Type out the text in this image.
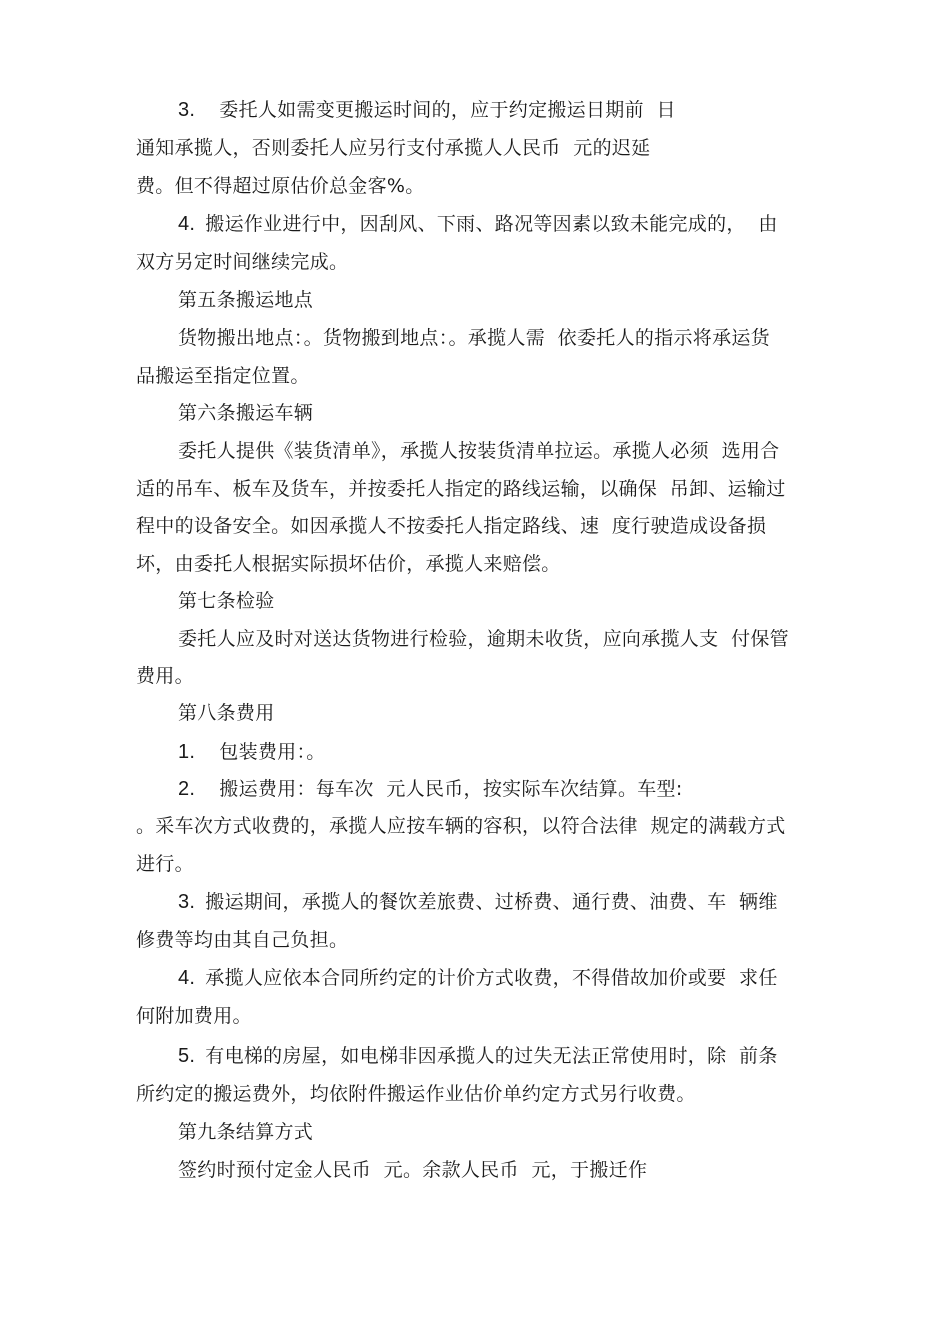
3. 委托人如需变更搬运时间的，应于约定搬运日期前  日
通知承揽人，否则委托人应另行支付承揽人人民币  元的迟延
费。但不得超过原估价总金客%。
4. 搬运作业进行中，因刮风、下雨、路况等因素以致未能完成的，  由
双方另定时间继续完成。
第五条搬运地点
货物搬出地点：。货物搬到地点：。承揽人需  依委托人的指示将承运货
品搬运至指定位置。
第六条搬运车辆
委托人提供《装货清单》，承揽人按装货清单拉运。承揽人必须  选用合
适的吊车、板车及货车，并按委托人指定的路线运输，以确保  吊卸、运输过
程中的设备安全。如因承揽人不按委托人指定路线、速  度行驶造成设备损
坏，由委托人根据实际损坏估价，承揽人来赔偿。
第七条检验
委托人应及时对送达货物进行检验，逾期未收货，应向承揽人支  付保管
费用。
第八条费用
1. 包装费用：。
2. 搬运费用：每车次  元人民币，按实际车次结算。车型:
。采车次方式收费的，承揽人应按车辆的容积，以符合法律  规定的满载方式
进行。
3. 搬运期间，承揽人的餐饮差旅费、过桥费、通行费、油费、车  辆维
修费等均由其自己负担。
4. 承揽人应依本合同所约定的计价方式收费，不得借故加价或要  求任
何附加费用。
5. 有电梯的房屋，如电梯非因承揽人的过失无法正常使用时，除  前条
所约定的搬运费外，均依附件搬运作业估价单约定方式另行收费。
第九条结算方式
签约时预付定金人民币  元。余款人民币  元，于搬迁作
